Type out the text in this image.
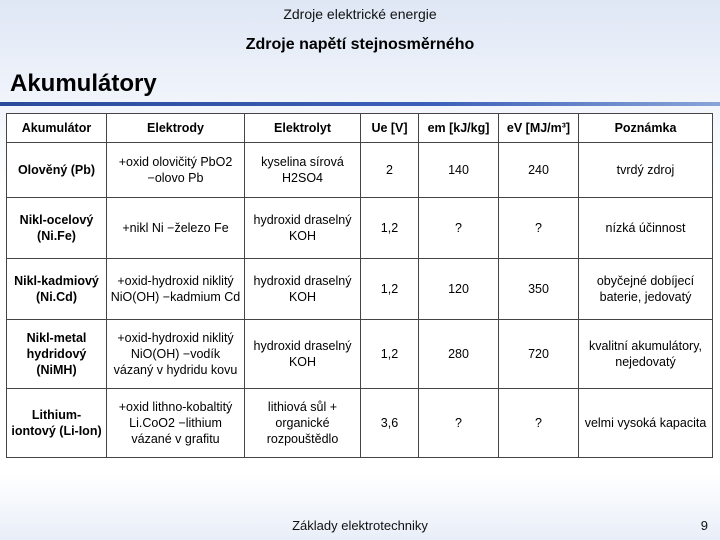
Zdroje elektrické energie
Zdroje napětí stejnosměrného
Akumulátory
Akumulátor	Elektrody	Elektrolyt	Ue [V]	em [kJ/kg]	eV [MJ/m³]	Poznámka
Olověný (Pb)	+oxid olovičitý PbO2 −olovo Pb	kyselina sírová H2SO4	2	140	240	tvrdý zdroj
Nikl-ocelový (Ni.Fe)	+nikl Ni −železo Fe	hydroxid draselný KOH	1,2	?	?	nízká účinnost
Nikl-kadmiový (Ni.Cd)	+oxid-hydroxid niklitý NiO(OH) −kadmium Cd	hydroxid draselný KOH	1,2	120	350	obyčejné dobíjecí baterie, jedovatý
Nikl-metal hydridový (NiMH)	+oxid-hydroxid niklitý NiO(OH) −vodík vázaný v hydridu kovu	hydroxid draselný KOH	1,2	280	720	kvalitní akumulátory, nejedovatý
Lithium-iontový (Li-Ion)	+oxid lithno-kobaltitý Li.CoO2 −lithium vázané v grafitu	lithiová sůl + organické rozpouštědlo	3,6	?	?	velmi vysoká kapacita
Základy elektrotechniky	9
